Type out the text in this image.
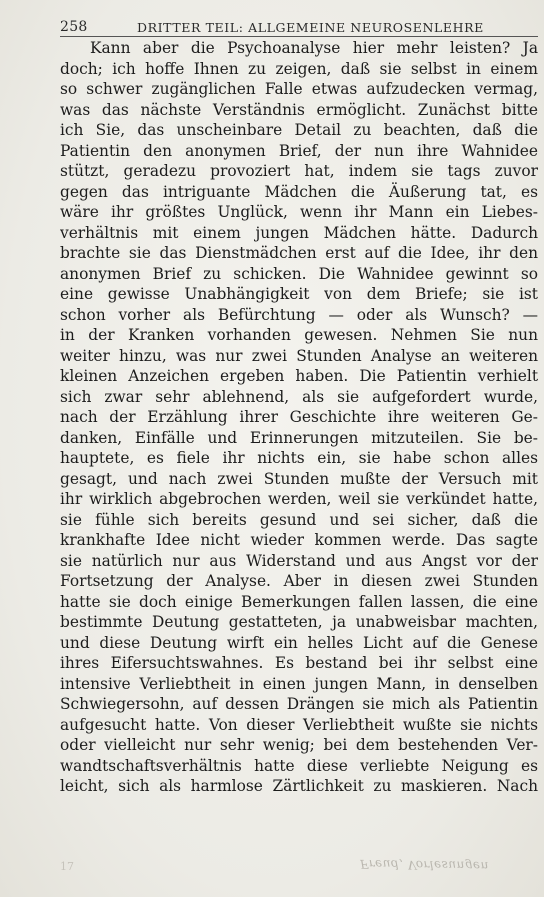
258	DRITTER TEIL: ALLGEMEINE NEUROSENLEHRE
Kann aber die Psychoanalyse hier mehr leisten? Ja
doch; ich hoffe Ihnen zu zeigen, daß sie selbst in einem
so schwer zugänglichen Falle etwas aufzudecken vermag,
was das nächste Verständnis ermöglicht. Zunächst bitte
ich Sie, das unscheinbare Detail zu beachten, daß die
Patientin den anonymen Brief, der nun ihre Wahnidee
stützt, geradezu provoziert hat, indem sie tags zuvor
gegen das intriguante Mädchen die Äußerung tat, es
wäre ihr größtes Unglück, wenn ihr Mann ein Liebes-
verhältnis mit einem jungen Mädchen hätte. Dadurch
brachte sie das Dienstmädchen erst auf die Idee, ihr den
anonymen Brief zu schicken. Die Wahnidee gewinnt so
eine gewisse Unabhängigkeit von dem Briefe; sie ist
schon vorher als Befürchtung — oder als Wunsch? —
in der Kranken vorhanden gewesen. Nehmen Sie nun
weiter hinzu, was nur zwei Stunden Analyse an weiteren
kleinen Anzeichen ergeben haben. Die Patientin verhielt
sich zwar sehr ablehnend, als sie aufgefordert wurde,
nach der Erzählung ihrer Geschichte ihre weiteren Ge-
danken, Einfälle und Erinnerungen mitzuteilen. Sie be-
hauptete, es fiele ihr nichts ein, sie habe schon alles
gesagt, und nach zwei Stunden mußte der Versuch mit
ihr wirklich abgebrochen werden, weil sie verkündet hatte,
sie fühle sich bereits gesund und sei sicher, daß die
krankhafte Idee nicht wieder kommen werde. Das sagte
sie natürlich nur aus Widerstand und aus Angst vor der
Fortsetzung der Analyse. Aber in diesen zwei Stunden
hatte sie doch einige Bemerkungen fallen lassen, die eine
bestimmte Deutung gestatteten, ja unabweisbar machten,
und diese Deutung wirft ein helles Licht auf die Genese
ihres Eifersuchtswahnes. Es bestand bei ihr selbst eine
intensive Verliebtheit in einen jungen Mann, in denselben
Schwiegersohn, auf dessen Drängen sie mich als Patientin
aufgesucht hatte. Von dieser Verliebtheit wußte sie nichts
oder vielleicht nur sehr wenig; bei dem bestehenden Ver-
wandtschaftsverhältnis hatte diese verliebte Neigung es
leicht, sich als harmlose Zärtlichkeit zu maskieren. Nach
17	Freud, Vorlesungen
